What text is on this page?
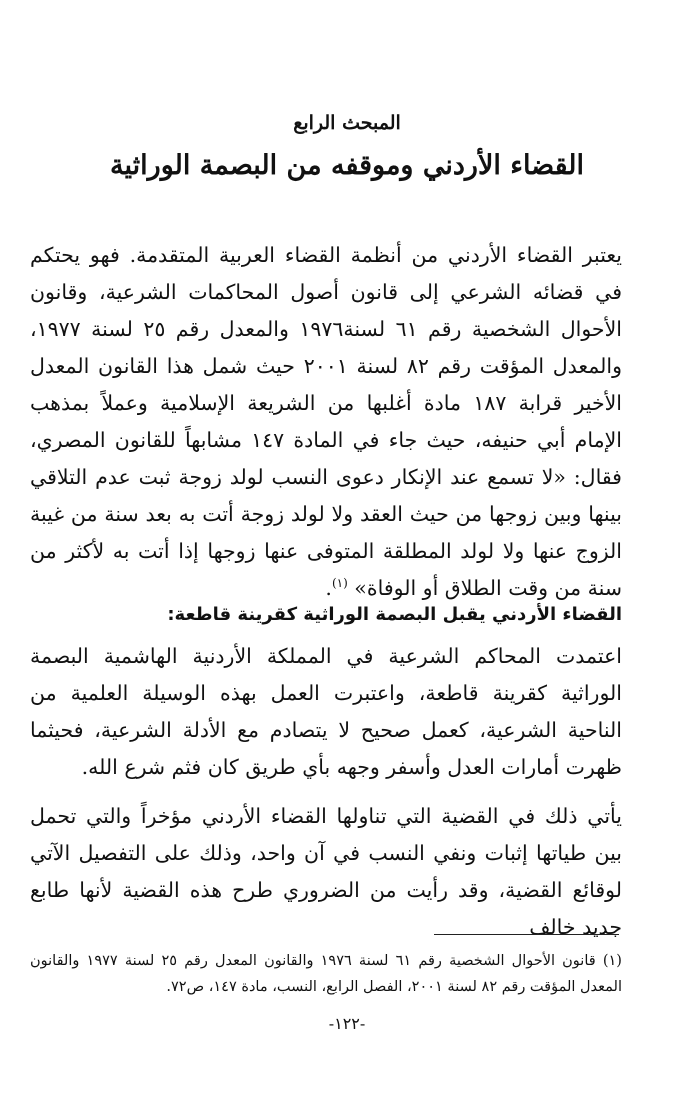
المبحث الرابع
القضاء الأردني وموقفه من البصمة الوراثية

يعتبر القضاء الأردني من أنظمة القضاء العربية المتقدمة. فهو يحتكم في قضائه الشرعي إلى قانون أصول المحاكمات الشرعية، وقانون الأحوال الشخصية رقم ٦١ لسنة١٩٧٦ والمعدل رقم ٢٥ لسنة ١٩٧٧، والمعدل المؤقت رقم ٨٢ لسنة ٢٠٠١ حيث شمل هذا القانون المعدل الأخير قرابة ١٨٧ مادة أغلبها من الشريعة الإسلامية وعملاً بمذهب الإمام أبي حنيفه، حيث جاء في المادة ١٤٧ مشابهاً للقانون المصري، فقال: «لا تسمع عند الإنكار دعوى النسب لولد زوجة ثبت عدم التلاقي بينها وبين زوجها من حيث العقد ولا لولد زوجة أتت به بعد سنة من غيبة الزوج عنها ولا لولد المطلقة المتوفى عنها زوجها إذا أتت به لأكثر من سنة من وقت الطلاق أو الوفاة» $^{(١)}$.

القضاء الأردني يقبل البصمة الوراثية كقرينة قاطعة:

اعتمدت المحاكم الشرعية في المملكة الأردنية الهاشمية البصمة الوراثية كقرينة قاطعة، واعتبرت العمل بهذه الوسيلة العلمية من الناحية الشرعية، كعمل صحيح لا يتصادم مع الأدلة الشرعية، فحيثما ظهرت أمارات العدل وأسفر وجهه بأي طريق كان فثم شرع الله.

يأتي ذلك في القضية التي تناولها القضاء الأردني مؤخراً والتي تحمل بين طياتها إثبات ونفي النسب في آن واحد، وذلك على التفصيل الآتي لوقائع القضية، وقد رأيت من الضروري طرح هذه القضية لأنها طابع جديد خالف

(١) قانون الأحوال الشخصية رقم ٦١ لسنة ١٩٧٦ والقانون المعدل رقم ٢٥ لسنة ١٩٧٧ والقانون المعدل المؤقت رقم ٨٢ لسنة ٢٠٠١، الفصل الرابع، النسب، مادة ١٤٧، ص٧٢.

-١٢٢-
